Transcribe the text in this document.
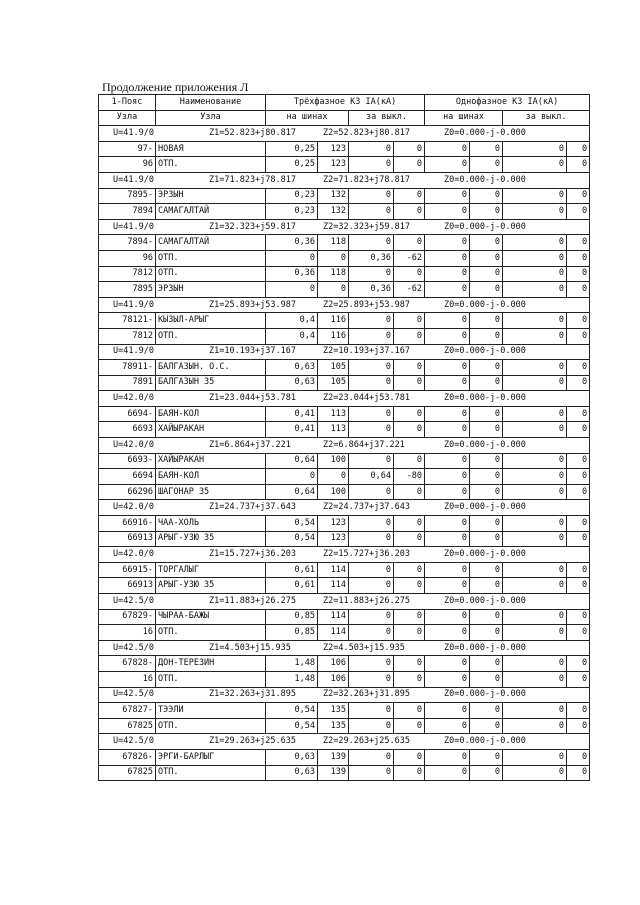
Продолжение приложения Л
1-Пояс	Наименование	Трёхфазное КЗ IA(кА)				Однофазное КЗ IA(кА)			
Узла	Узла	на шинах		за выкл.		на шинах		за выкл.	
U=41.9/0 Z1=52.823+j80.817 Z2=52.823+j80.817 Z0=0.000-j-0.000									
97-	НОВАЯ	0,25	123	0	0	0	0	0	0
96	ОТП.	0,25	123	0	0	0	0	0	0
U=41.9/0 Z1=71.823+j78.817 Z2=71.823+j78.817 Z0=0.000-j-0.000									
7895-	ЭРЗЫН	0,23	132	0	0	0	0	0	0
7894	САМАГАЛТАЙ	0,23	132	0	0	0	0	0	0
U=41.9/0 Z1=32.323+j59.817 Z2=32.323+j59.817 Z0=0.000-j-0.000									
7894-	САМАГАЛТАЙ	0,36	118	0	0	0	0	0	0
96	ОТП.	0	0	0,36	-62	0	0	0	0
7812	ОТП.	0,36	118	0	0	0	0	0	0
7895	ЭРЗЫН	0	0	0,36	-62	0	0	0	0
U=41.9/0 Z1=25.893+j53.987 Z2=25.893+j53.987 Z0=0.000-j-0.000									
78121-	КЫЗЫЛ-АРЫГ	0,4	116	0	0	0	0	0	0
7812	ОТП.	0,4	116	0	0	0	0	0	0
U=41.9/0 Z1=10.193+j37.167 Z2=10.193+j37.167 Z0=0.000-j-0.000									
78911-	БАЛГАЗЫН. О.С.	0,63	105	0	0	0	0	0	0
7891	БАЛГАЗЫН 35	0,63	105	0	0	0	0	0	0
U=42.0/0 Z1=23.044+j53.781 Z2=23.044+j53.781 Z0=0.000-j-0.000									
6694-	БАЯН-КОЛ	0,41	113	0	0	0	0	0	0
6693	ХАЙЫРАКАН	0,41	113	0	0	0	0	0	0
U=42.0/0 Z1=6.864+j37.221 Z2=6.864+j37.221 Z0=0.000-j-0.000									
6693-	ХАЙЫРАКАН	0,64	100	0	0	0	0	0	0
6694	БАЯН-КОЛ	0	0	0,64	-80	0	0	0	0
66296	ШАГОНАР 35	0,64	100	0	0	0	0	0	0
U=42.0/0 Z1=24.737+j37.643 Z2=24.737+j37.643 Z0=0.000-j-0.000									
66916-	ЧАА-ХОЛЬ	0,54	123	0	0	0	0	0	0
66913	АРЫГ-УЗЮ 35	0,54	123	0	0	0	0	0	0
U=42.0/0 Z1=15.727+j36.203 Z2=15.727+j36.203 Z0=0.000-j-0.000									
66915-	ТОРГАЛЫГ	0,61	114	0	0	0	0	0	0
66913	АРЫГ-УЗЮ 35	0,61	114	0	0	0	0	0	0
U=42.5/0 Z1=11.883+j26.275 Z2=11.883+j26.275 Z0=0.000-j-0.000									
67829-	ЧЫРАА-БАЖЫ	0,85	114	0	0	0	0	0	0
16	ОТП.	0,85	114	0	0	0	0	0	0
U=42.5/0 Z1=4.503+j15.935 Z2=4.503+j15.935 Z0=0.000-j-0.000									
67828-	ДОН-ТЕРЕЗИН	1,48	106	0	0	0	0	0	0
16	ОТП.	1,48	106	0	0	0	0	0	0
U=42.5/0 Z1=32.263+j31.895 Z2=32.263+j31.895 Z0=0.000-j-0.000									
67827-	ТЭЭЛИ	0,54	135	0	0	0	0	0	0
67825	ОТП.	0,54	135	0	0	0	0	0	0
U=42.5/0 Z1=29.263+j25.635 Z2=29.263+j25.635 Z0=0.000-j-0.000									
67826-	ЭРГИ-БАРЛЫГ	0,63	139	0	0	0	0	0	0
67825	ОТП.	0,63	139	0	0	0	0	0	0
